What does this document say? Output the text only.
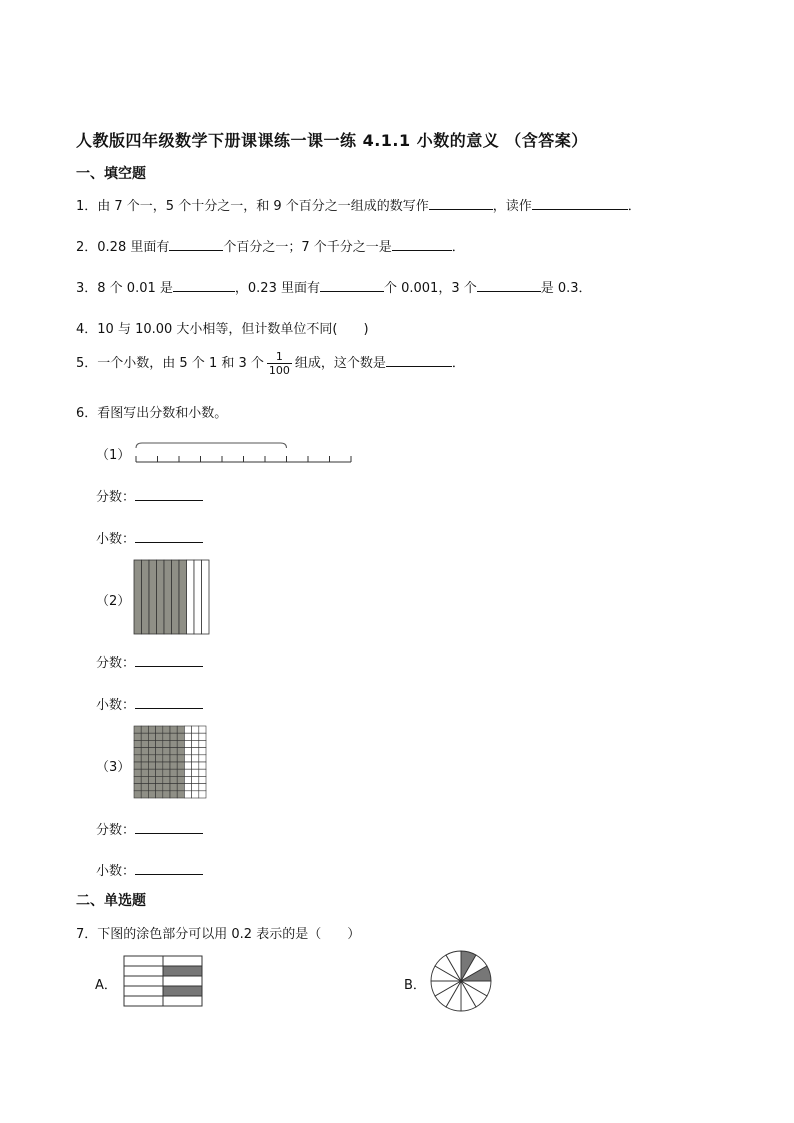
人教版四年级数学下册课课练一课一练 4.1.1 小数的意义 （含答案）
一、填空题
1．由 7 个一，5 个十分之一，和 9 个百分之一组成的数写作	，读作	．
2．0.28 里面有	个百分之一；7 个千分之一是	．
3．8 个 0.01 是	，0.23 里面有	个 0.001，3 个	是 0.3．
4．10 与 10.00 大小相等，但计数单位不同(　　)
5．一个小数，由 5 个 1 和 3 个 $\frac{1}{100}$ 组成，这个数是	．
6．看图写出分数和小数。
（1）
分数：
小数：
（2）
分数：
小数：
（3）
分数：
小数：
二、单选题
7．下图的涂色部分可以用 0.2 表示的是（　　）
A．	B．
